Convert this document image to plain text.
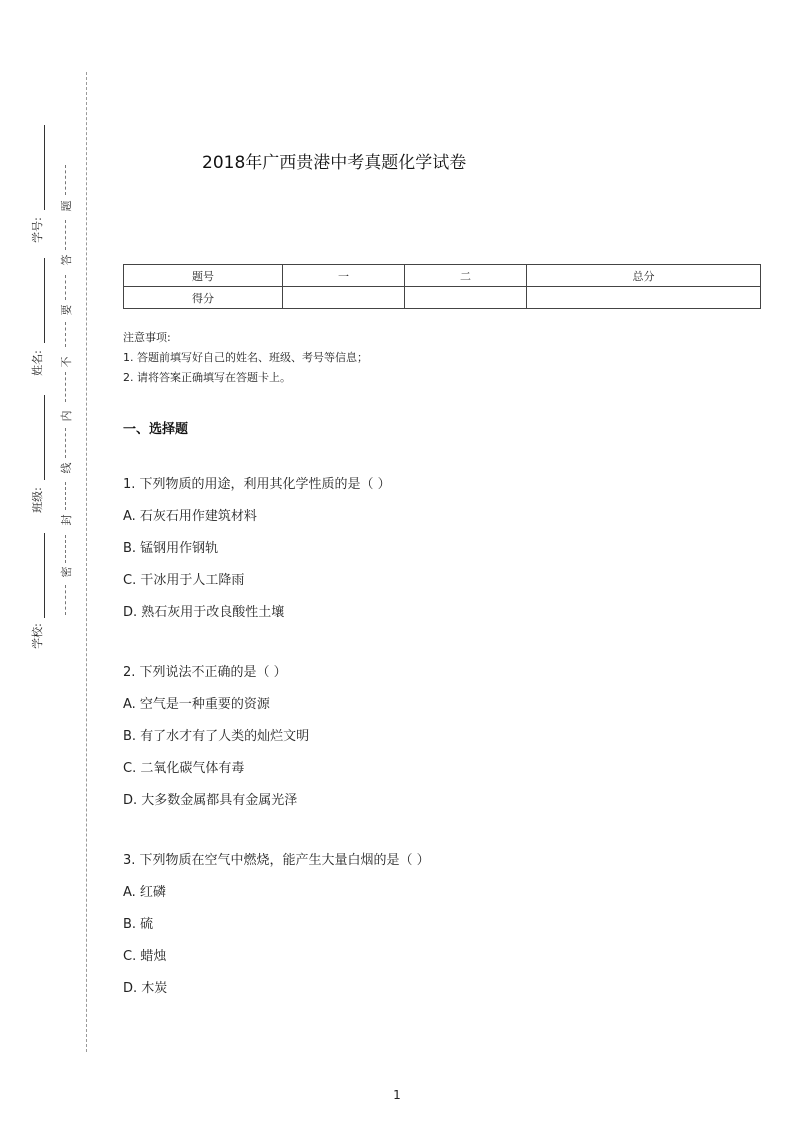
学号:
姓名:
班级:
学校:
密
封
线
内
不
要
答
题
2018年广西贵港中考真题化学试卷
题号	一	二	总分
得分			
注意事项:
1. 答题前填写好自己的姓名、班级、考号等信息；
2. 请将答案正确填写在答题卡上。
一、选择题
1. 下列物质的用途，利用其化学性质的是（ ）
A. 石灰石用作建筑材料
B. 锰钢用作钢轨
C. 干冰用于人工降雨
D. 熟石灰用于改良酸性土壤
2. 下列说法不正确的是（ ）
A. 空气是一种重要的资源
B. 有了水才有了人类的灿烂文明
C. 二氧化碳气体有毒
D. 大多数金属都具有金属光泽
3. 下列物质在空气中燃烧，能产生大量白烟的是（ ）
A. 红磷
B. 硫
C. 蜡烛
D. 木炭
1
